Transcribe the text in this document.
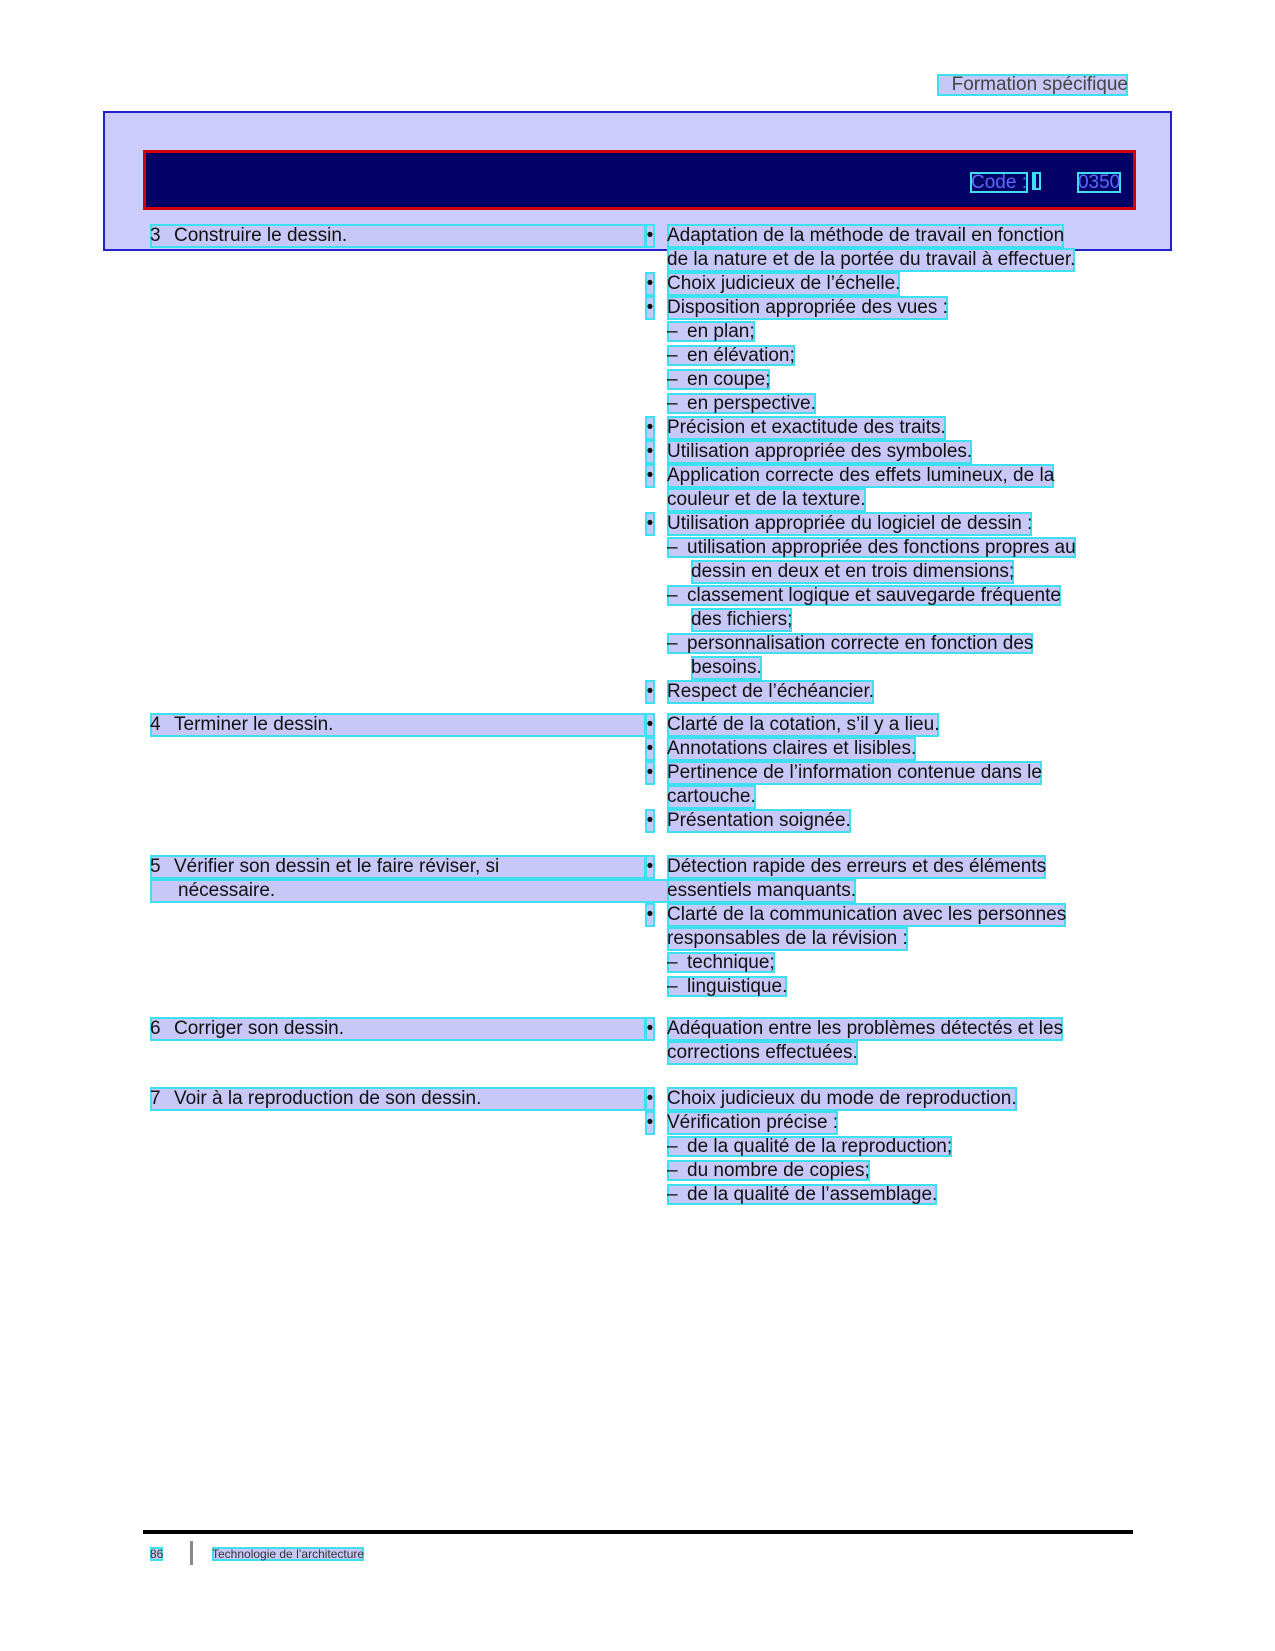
Formation spécifique
Code :	0350
3 Construire le dessin.	• Adaptation de la méthode de travail en fonction
de la nature et de la portée du travail à effectuer.
• Choix judicieux de l’échelle.
• Disposition appropriée des vues :
– en plan;
– en élévation;
– en coupe;
– en perspective.
• Précision et exactitude des traits.
• Utilisation appropriée des symboles.
• Application correcte des effets lumineux, de la
couleur et de la texture.
• Utilisation appropriée du logiciel de dessin :
– utilisation appropriée des fonctions propres au
dessin en deux et en trois dimensions;
– classement logique et sauvegarde fréquente
des fichiers;
– personnalisation correcte en fonction des
besoins.
• Respect de l’échéancier.
4 Terminer le dessin.	• Clarté de la cotation, s’il y a lieu.
• Annotations claires et lisibles.
• Pertinence de l’information contenue dans le
cartouche.
• Présentation soignée.
5 Vérifier son dessin et le faire réviser, si
nécessaire.
• Détection rapide des erreurs et des éléments
essentiels manquants.
• Clarté de la communication avec les personnes
responsables de la révision :
– technique;
– linguistique.
6 Corriger son dessin.	• Adéquation entre les problèmes détectés et les
corrections effectuées.
7 Voir à la reproduction de son dessin.	• Choix judicieux du mode de reproduction.
• Vérification précise :
– de la qualité de la reproduction;
– du nombre de copies;
– de la qualité de l’assemblage.
86	Technologie de l’architecture
